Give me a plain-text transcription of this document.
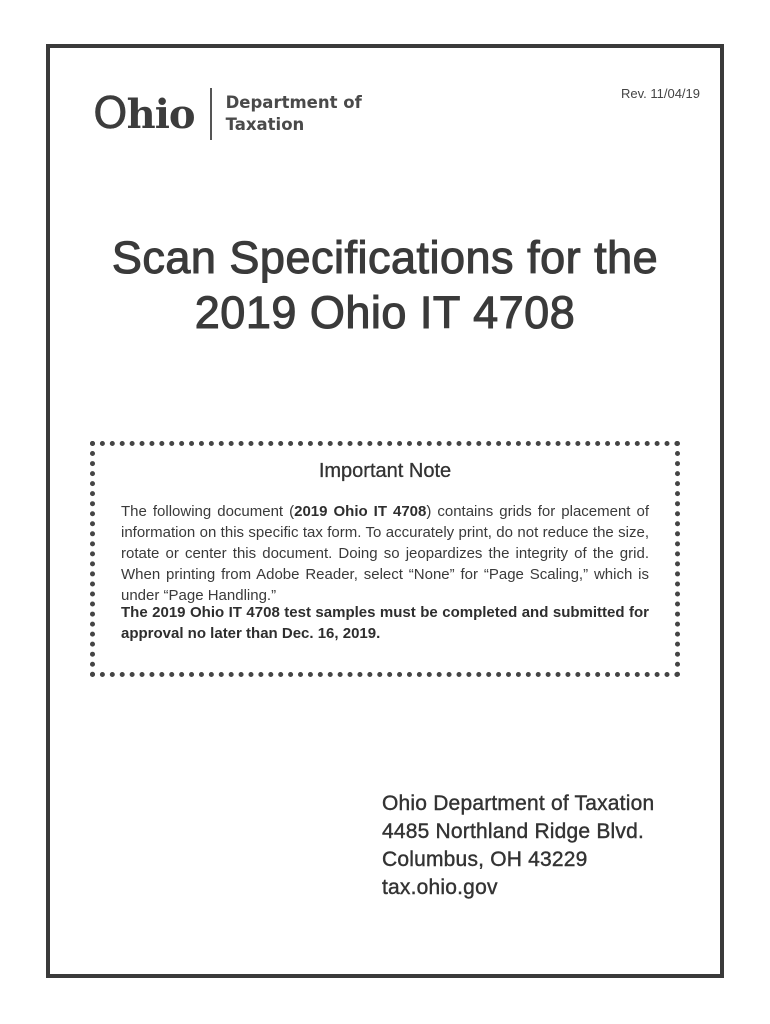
Ohio Department of
Taxation
Rev. 11/04/19
Scan Specifications for the
2019 Ohio IT 4708
Important Note

The following document (2019 Ohio IT 4708) contains grids for placement of information on this specific tax form. To accurately print, do not reduce the size, rotate or center this document. Doing so jeopardizes the integrity of the grid. When printing from Adobe Reader, select “None” for “Page Scaling,” which is under “Page Handling.”

The 2019 Ohio IT 4708 test samples must be completed and submitted for approval no later than Dec. 16, 2019.

Ohio Department of Taxation
4485 Northland Ridge Blvd.
Columbus, OH 43229
tax.ohio.gov
